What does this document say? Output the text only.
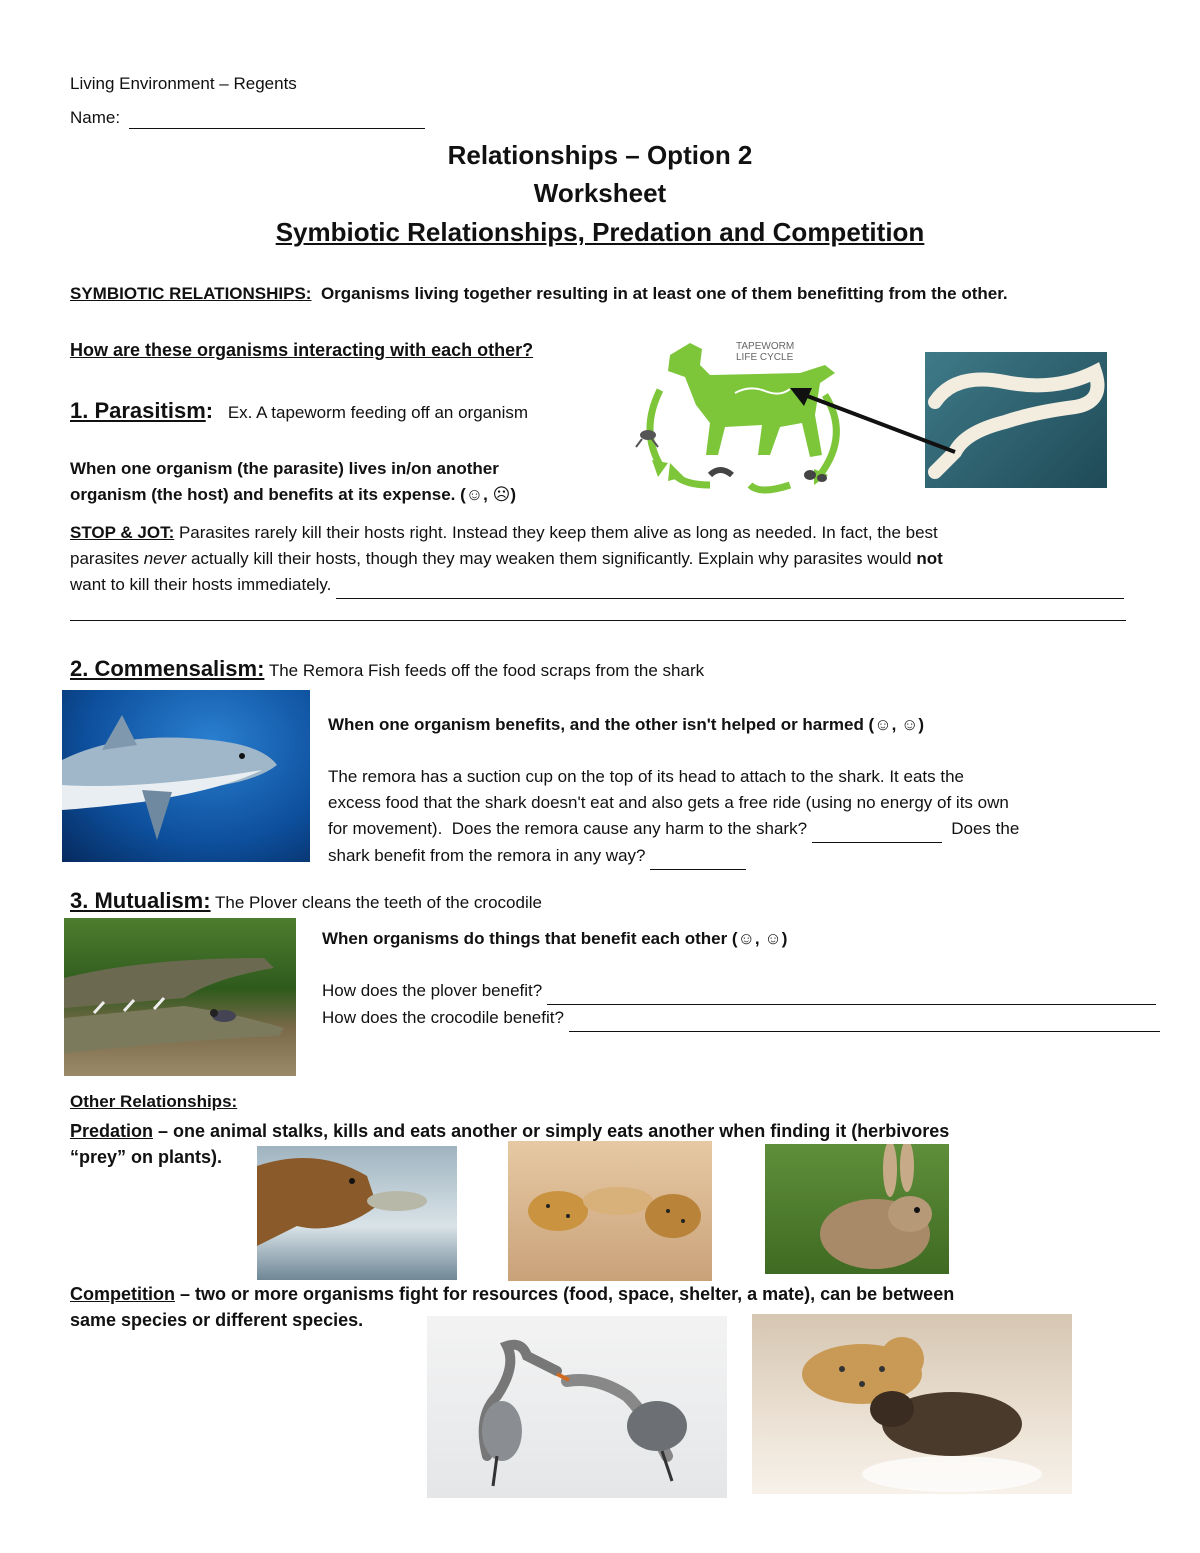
Living Environment – Regents
Name:
Relationships – Option 2
Worksheet
Symbiotic Relationships, Predation and Competition
SYMBIOTIC RELATIONSHIPS: Organisms living together resulting in at least one of them benefitting from the other.
How are these organisms interacting with each other?
1. Parasitism: Ex. A tapeworm feeding off an organism
When one organism (the parasite) lives in/on another
organism (the host) and benefits at its expense. (☺, ☹)
TAPEWORM
LIFE CYCLE
STOP & JOT: Parasites rarely kill their hosts right. Instead they keep them alive as long as needed. In fact, the best
parasites never actually kill their hosts, though they may weaken them significantly. Explain why parasites would not
want to kill their hosts immediately.

2. Commensalism: The Remora Fish feeds off the food scraps from the shark
When one organism benefits, and the other isn't helped or harmed (☺, ☺)
The remora has a suction cup on the top of its head to attach to the shark. It eats the
excess food that the shark doesn't eat and also gets a free ride (using no energy of its own
for movement).  Does the remora cause any harm to the shark?	Does the
shark benefit from the remora in any way?
3. Mutualism: The Plover cleans the teeth of the crocodile
When organisms do things that benefit each other (☺, ☺)
How does the plover benefit?

How does the crocodile benefit?

Other Relationships:
Predation – one animal stalks, kills and eats another or simply eats another when finding it (herbivores
“prey” on plants).
Competition – two or more organisms fight for resources (food, space, shelter, a mate), can be between
same species or different species.
